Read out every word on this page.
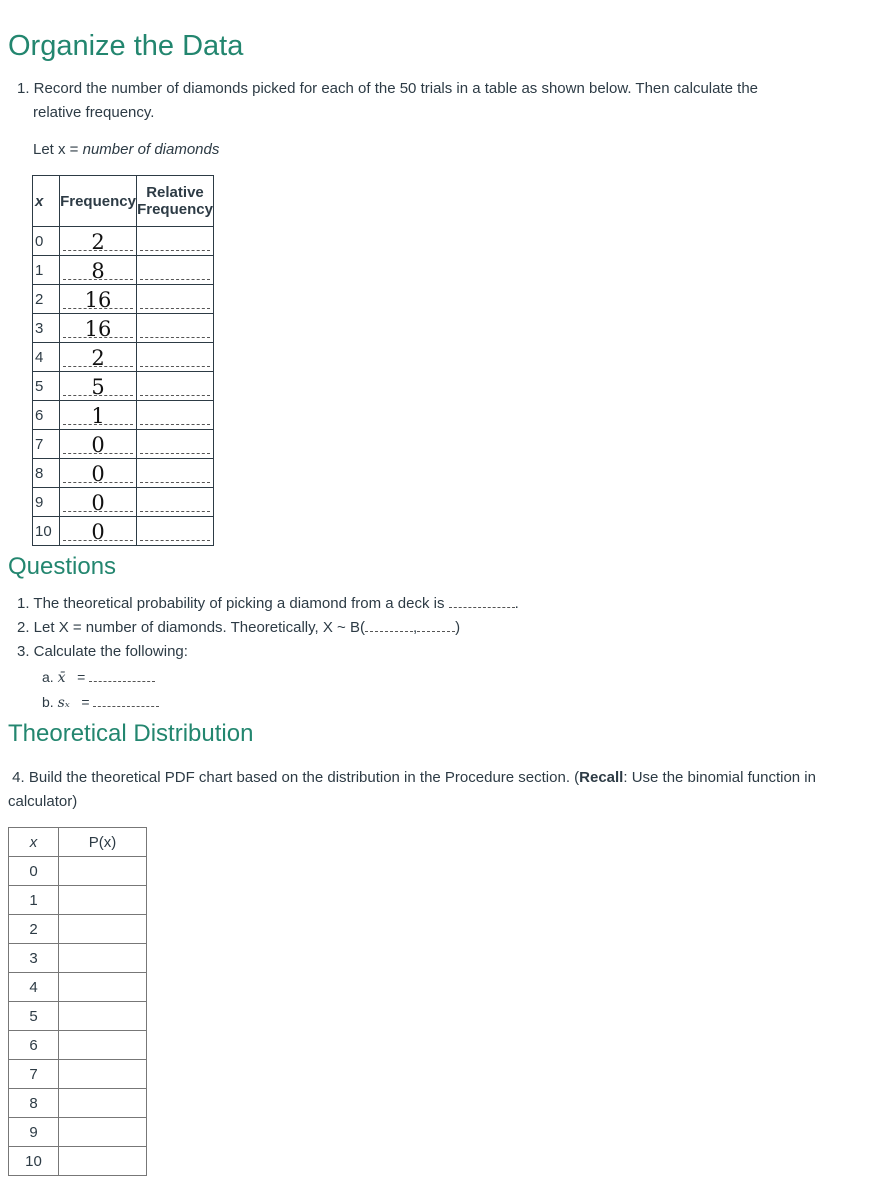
Organize the Data

1. Record the number of diamonds picked for each of the 50 trials in a table as shown below. Then calculate the
relative frequency.

Let x = number of diamonds

x	Frequency	Relative Frequency
0	2	

1	8	

2	16	

3	16	

4	2	

5	5	

6	1	

7	0	

8	0	

9	0	

10	0	

Questions
1. The theoretical probability of picking a diamond from a deck is	.
2. Let X = number of diamonds. Theoretically, X ~ B(	,	)
3. Calculate the following:
a. x̄ =
b. sₓ =
Theoretical Distribution

4. Build the theoretical PDF chart based on the distribution in the Procedure section. (Recall: Use the binomial function in calculator)

x	P(x)
0	
1	
2	
3	
4	
5	
6	
7	
8	
9	
10	
